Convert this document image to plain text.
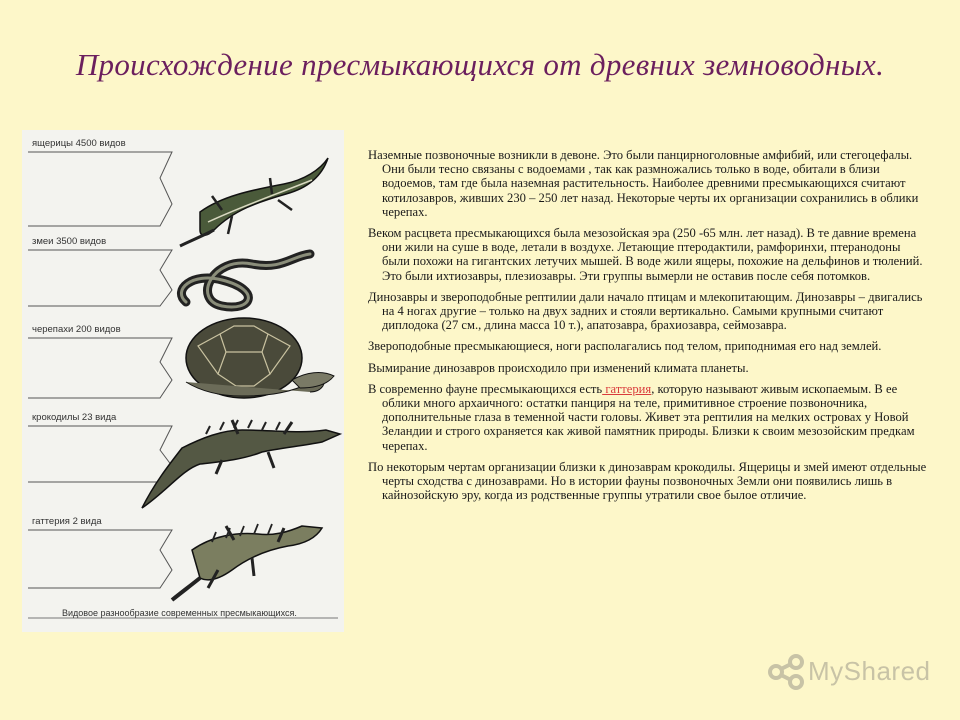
Происхождение пресмыкающихся от древних земноводных.
ящерицы 4500 видов
змеи 3500 видов
черепахи 200 видов
крокодилы 23 вида
гаттерия 2 вида
Видовое разнообразие современных пресмыкающихся.

Наземные позвоночные возникли в девоне. Это были панцирноголовные амфибий, или стегоцефалы. Они были тесно связаны с водоемами , так как размножались только в воде, обитали в близи водоемов, там где была наземная растительность. Наиболее древними пресмыкающихся считают котилозавров, живших 230 – 250 лет назад. Некоторые черты их организации сохранились в облики черепах.

Веком расцвета пресмыкающихся была мезозойская эра (250 -65 млн. лет назад). В те давние времена они жили на суше в воде, летали в воздухе. Летающие птеродактили, рамфоринхи, птеранодоны были похожи на гигантских летучих мышей. В воде жили ящеры, похожие на дельфинов и тюлений. Это были ихтиозавры, плезиозавры. Эти группы вымерли не оставив после себя потомков.

Динозавры и звероподобные рептилии дали начало птицам и млекопитающим. Динозавры – двигались на 4 ногах другие – только на двух задних и стояли вертикально. Самыми крупными считают диплодока (27 см., длина масса 10 т.), апатозавра, брахиозавра, сеймозавра.

Звероподобные пресмыкающиеся, ноги располагались под телом, приподнимая его над землей.

Вымирание динозавров происходило при изменений климата планеты.

В современно фауне пресмыкающихся есть гаттерия, которую называют живым ископаемым. В ее облики много архаичного: остатки панциря на теле, примитивное строение позвоночника, дополнительные глаза в теменной части головы. Живет эта рептилия на мелких островах у Новой Зеландии и строго охраняется как живой памятник природы. Близки к своим мезозойским предкам черепах.

По некоторым чертам организации близки к динозаврам крокодилы. Ящерицы и змей имеют отдельные черты сходства с динозаврами. Но в истории фауны позвоночных Земли они появились лишь в кайнозойскую эру, когда из родственные группы утратили свое былое отличие.

MyShared
